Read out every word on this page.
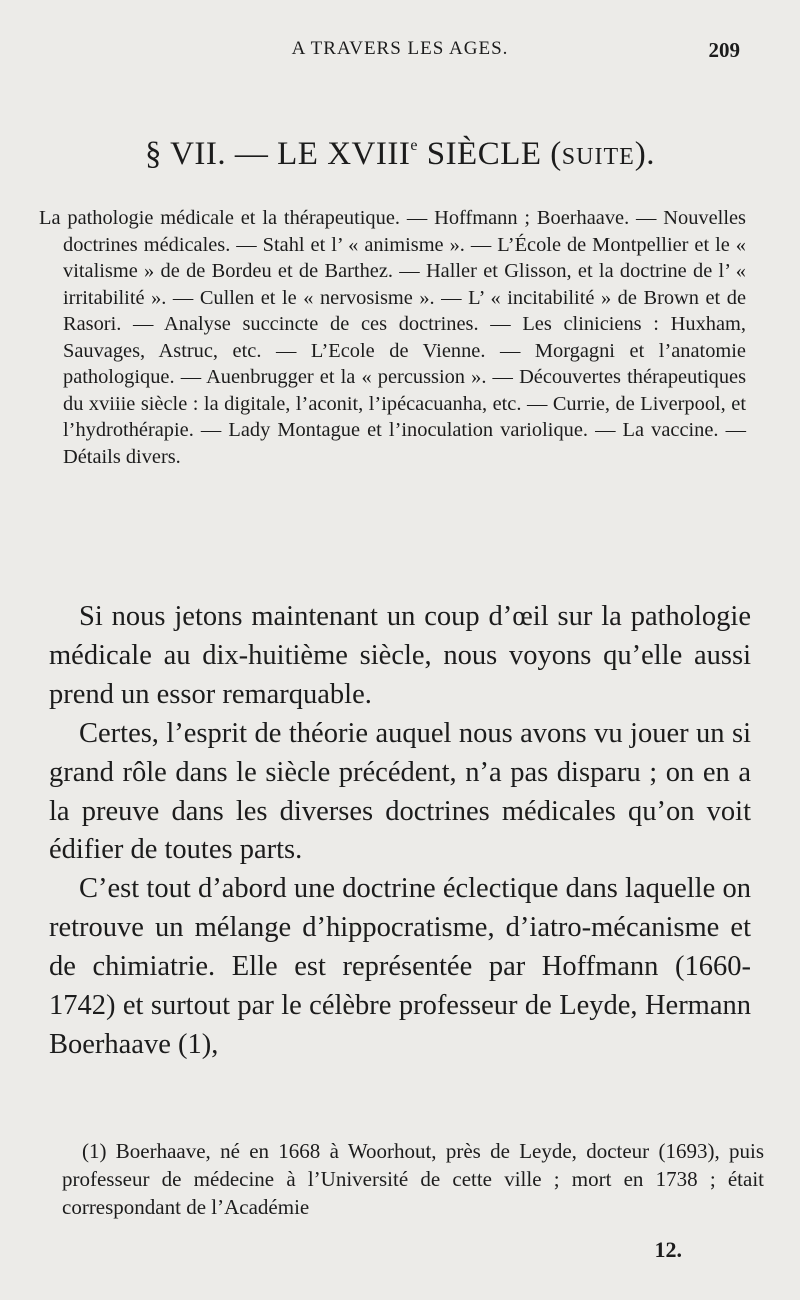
A TRAVERS LES AGES.	209
§ VII. — LE XVIIIe SIÈCLE (SUITE).

La pathologie médicale et la thérapeutique. — Hoffmann ; Boerhaave. — Nouvelles doctrines médicales. — Stahl et l’ « animisme ». — L’École de Montpellier et le « vitalisme » de de Bordeu et de Barthez. — Haller et Glisson, et la doctrine de l’ « irritabilité ». — Cullen et le « nervosisme ». — L’ « incitabilité » de Brown et de Rasori. — Analyse succincte de ces doctrines. — Les cliniciens : Huxham, Sauvages, Astruc, etc. — L’Ecole de Vienne. — Morgagni et l’anatomie pathologique. — Auenbrugger et la « percussion ». — Découvertes thérapeutiques du xviiie siècle : la digitale, l’aconit, l’ipécacuanha, etc. — Currie, de Liverpool, et l’hydrothérapie. — Lady Montague et l’inoculation variolique. — La vaccine. — Détails divers.

Si nous jetons maintenant un coup d’œil sur la pathologie médicale au dix-huitième siècle, nous voyons qu’elle aussi prend un essor remarquable.

Certes, l’esprit de théorie auquel nous avons vu jouer un si grand rôle dans le siècle précédent, n’a pas disparu ; on en a la preuve dans les diverses doctrines médicales qu’on voit édifier de toutes parts.

C’est tout d’abord une doctrine éclectique dans laquelle on retrouve un mélange d’hippocratisme, d’iatro-mécanisme et de chimiatrie. Elle est représentée par Hoffmann (1660-1742) et surtout par le célèbre professeur de Leyde, Hermann Boerhaave (1),

(1) Boerhaave, né en 1668 à Woorhout, près de Leyde, docteur (1693), puis professeur de médecine à l’Université de cette ville ; mort en 1738 ; était correspondant de l’Académie

12.
